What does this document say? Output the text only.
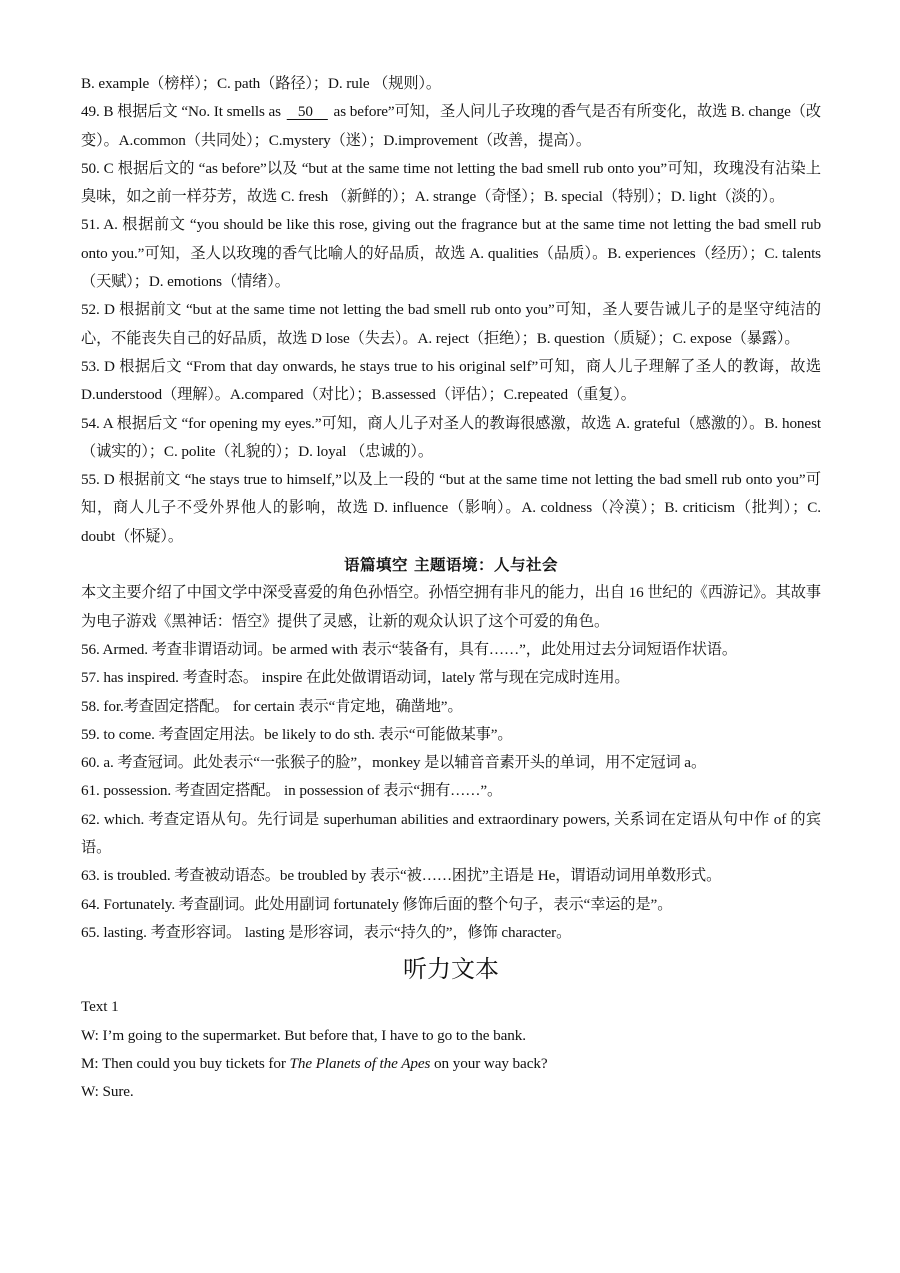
B. example（榜样）；C. path（路径）；D. rule （规则）。

49. B 根据后文 “No. It smells as    50     as before”可知，圣人问儿子玫瑰的香气是否有所变化，故选 B. change（改变）。A.common（共同处）；C.mystery（迷）；D.improvement（改善，提高）。

50. C 根据后文的 “as before”以及 “but at the same time not letting the bad smell rub onto you”可知，玫瑰没有沾染上臭味，如之前一样芬芳，故选 C. fresh （新鲜的）；A. strange（奇怪）；B. special（特别）；D. light（淡的）。

51. A. 根据前文 “you should be like this rose, giving out the fragrance but at the same time not letting the bad smell rub onto you.”可知，圣人以玫瑰的香气比喻人的好品质，故选 A. qualities（品质）。B. experiences（经历）；C. talents（天赋）；D. emotions（情绪）。

52. D 根据前文 “but at the same time not letting the bad smell rub onto you”可知，圣人要告诫儿子的是坚守纯洁的心，不能丧失自己的好品质，故选 D lose（失去）。A. reject（拒绝）；B. question（质疑）；C. expose（暴露）。

53. D 根据后文 “From that day onwards, he stays true to his original self”可知，商人儿子理解了圣人的教诲，故选 D.understood（理解）。A.compared（对比）；B.assessed（评估）；C.repeated（重复）。

54. A 根据后文 “for opening my eyes.”可知，商人儿子对圣人的教诲很感激，故选 A. grateful（感激的）。B. honest（诚实的）；C. polite（礼貌的）；D. loyal （忠诚的）。

55. D 根据前文 “he stays true to himself,”以及上一段的 “but at the same time not letting the bad smell rub onto you”可知，商人儿子不受外界他人的影响，故选 D. influence（影响）。A. coldness（冷漠）；B. criticism（批判）；C. doubt（怀疑）。

语篇填空 主题语境：人与社会

本文主要介绍了中国文学中深受喜爱的角色孙悟空。孙悟空拥有非凡的能力，出自 16 世纪的《西游记》。其故事为电子游戏《黑神话：悟空》提供了灵感，让新的观众认识了这个可爱的角色。

56. Armed. 考查非谓语动词。be armed with 表示“装备有，具有……”，此处用过去分词短语作状语。

57. has inspired. 考查时态。 inspire 在此处做谓语动词，lately 常与现在完成时连用。

58. for.考查固定搭配。 for certain 表示“肯定地，确凿地”。

59. to come. 考查固定用法。be likely to do sth. 表示“可能做某事”。

60. a. 考查冠词。此处表示“一张猴子的脸”，monkey 是以辅音音素开头的单词，用不定冠词 a。

61. possession. 考查固定搭配。 in possession of 表示“拥有……”。

62. which. 考查定语从句。先行词是 superhuman abilities and extraordinary powers, 关系词在定语从句中作 of 的宾语。

63. is troubled. 考查被动语态。be troubled by 表示“被……困扰”主语是 He，谓语动词用单数形式。

64. Fortunately. 考查副词。此处用副词 fortunately 修饰后面的整个句子，表示“幸运的是”。

65. lasting. 考查形容词。 lasting 是形容词，表示“持久的”，修饰 character。

听力文本

Text 1

W: I’m going to the supermarket. But before that, I have to go to the bank.

M: Then could you buy tickets for The Planets of the Apes on your way back?

W: Sure.
